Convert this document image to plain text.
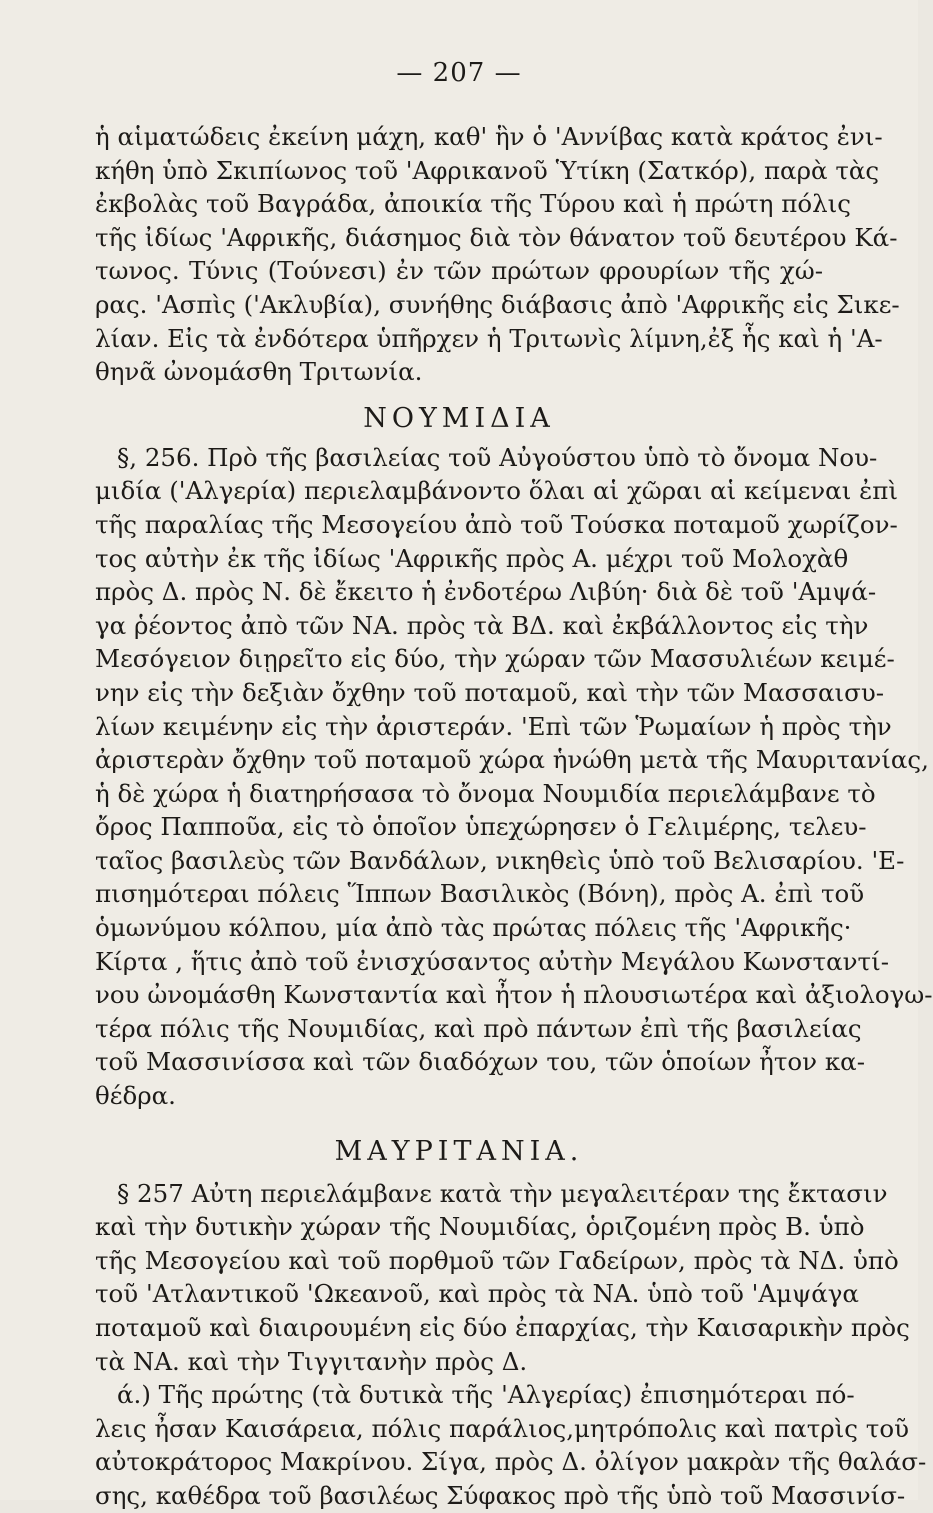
— 207 —
ἡ αἱματώδεις ἐκείνη μάχη, καθ' ἣν ὁ 'Αννίβας κατὰ κράτος ἐνι-
κήθη ὑπὸ Σκιπίωνος τοῦ 'Αφρικανοῦ Ὑτίκη (Σατκόρ), παρὰ τὰς
ἐκβολὰς τοῦ Βαγράδα, ἀποικία τῆς Τύρου καὶ ἡ πρώτη πόλις
τῆς ἰδίως 'Αφρικῆς, διάσημος διὰ τὸν θάνατον τοῦ δευτέρου Κά-
τωνος. Τύνις (Τούνεσι) ἐν τῶν πρώτων φρουρίων τῆς χώ-
ρας. 'Ασπὶς ('Ακλυβία), συνήθης διάβασις ἀπὸ 'Αφρικῆς εἰς Σικε-
λίαν. Εἰς τὰ ἐνδότερα ὑπῆρχεν ἡ Τριτωνὶς λίμνη,ἐξ ἧς καὶ ἡ 'Α-
θηνᾶ ὠνομάσθη Τριτωνία.
ΝΟΥΜΙΔΙΑ
§, 256. Πρὸ τῆς βασιλείας τοῦ Αὐγούστου ὑπὸ τὸ ὄνομα Νου-
μιδία ('Αλγερία) περιελαμβάνοντο ὅλαι αἱ χῶραι αἱ κείμεναι ἐπὶ
τῆς παραλίας τῆς Μεσογείου ἀπὸ τοῦ Τούσκα ποταμοῦ χωρίζον-
τος αὐτὴν ἐκ τῆς ἰδίως 'Αφρικῆς πρὸς Α. μέχρι τοῦ Μολοχὰθ
πρὸς Δ. πρὸς Ν. δὲ ἔκειτο ἡ ἐνδοτέρω Λιβύη· διὰ δὲ τοῦ 'Αμψά-
γα ῥέοντος ἀπὸ τῶν ΝΑ. πρὸς τὰ ΒΔ. καὶ ἐκβάλλοντος εἰς τὴν
Μεσόγειον διῃρεῖτο εἰς δύο, τὴν χώραν τῶν Μασσυλιέων κειμέ-
νην εἰς τὴν δεξιὰν ὄχθην τοῦ ποταμοῦ, καὶ τὴν τῶν Μασσαισυ-
λίων κειμένην εἰς τὴν ἀριστεράν. 'Επὶ τῶν Ῥωμαίων ἡ πρὸς τὴν
ἀριστερὰν ὄχθην τοῦ ποταμοῦ χώρα ἡνώθη μετὰ τῆς Μαυριτανίας,
ἡ δὲ χώρα ἡ διατηρήσασα τὸ ὄνομα Νουμιδία περιελάμβανε τὸ
ὄρος Παπποῦα, εἰς τὸ ὁποῖον ὑπεχώρησεν ὁ Γελιμέρης, τελευ-
ταῖος βασιλεὺς τῶν Βανδάλων, νικηθεὶς ὑπὸ τοῦ Βελισαρίου. 'Ε-
πισημότεραι πόλεις Ἵππων Βασιλικὸς (Βόνη), πρὸς Α. ἐπὶ τοῦ
ὁμωνύμου κόλπου, μία ἀπὸ τὰς πρώτας πόλεις τῆς 'Αφρικῆς·
Κίρτα , ἥτις ἀπὸ τοῦ ἐνισχύσαντος αὐτὴν Μεγάλου Κωνσταντί-
νου ὠνομάσθη Κωνσταντία καὶ ἦτον ἡ πλουσιωτέρα καὶ ἀξιολογω-
τέρα πόλις τῆς Νουμιδίας, καὶ πρὸ πάντων ἐπὶ τῆς βασιλείας
τοῦ Μασσινίσσα καὶ τῶν διαδόχων του, τῶν ὁποίων ἦτον κα-
θέδρα.
ΜΑΥΡΙΤΑΝΙΑ.
§ 257 Αὐτη περιελάμβανε κατὰ τὴν μεγαλειτέραν της ἔκτασιν
καὶ τὴν δυτικὴν χώραν τῆς Νουμιδίας, ὁριζομένη πρὸς Β. ὑπὸ
τῆς Μεσογείου καὶ τοῦ πορθμοῦ τῶν Γαδείρων, πρὸς τὰ ΝΔ. ὑπὸ
τοῦ 'Ατλαντικοῦ 'Ωκεανοῦ, καὶ πρὸς τὰ ΝΑ. ὑπὸ τοῦ 'Αμψάγα
ποταμοῦ καὶ διαιρουμένη εἰς δύο ἐπαρχίας, τὴν Καισαρικὴν πρὸς
τὰ ΝΑ. καὶ τὴν Τιγγιτανὴν πρὸς Δ.
ά.) Τῆς πρώτης (τὰ δυτικὰ τῆς 'Αλγερίας) ἐπισημότεραι πό-
λεις ἦσαν Καισάρεια, πόλις παράλιος,μητρόπολις καὶ πατρὶς τοῦ
αὐτοκράτορος Μακρίνου. Σίγα, πρὸς Δ. ὀλίγον μακρὰν τῆς θαλάσ-
σης, καθέδρα τοῦ βασιλέως Σύφακος πρὸ τῆς ὑπὸ τοῦ Μασσινίσ-
